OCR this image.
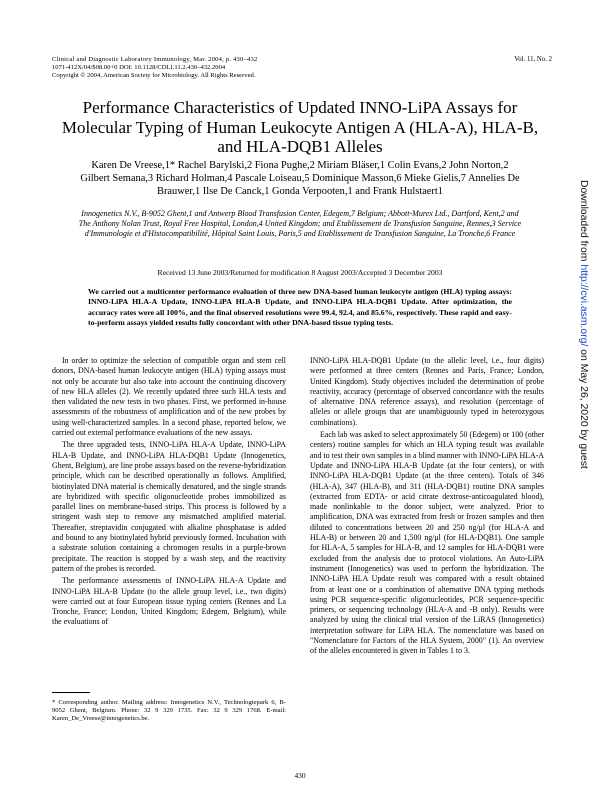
Clinical and Diagnostic Laboratory Immunology, Mar. 2004, p. 430–432
1071-412X/04/$08.00+0 DOI: 10.1128/CDLI.11.2.430–432.2004
Copyright © 2004, American Society for Microbiology. All Rights Reserved.
Vol. 11, No. 2
Performance Characteristics of Updated INNO-LiPA Assays for Molecular Typing of Human Leukocyte Antigen A (HLA-A), HLA-B, and HLA-DQB1 Alleles
Karen De Vreese,1* Rachel Barylski,2 Fiona Pughe,2 Miriam Bläser,1 Colin Evans,2 John Norton,2 Gilbert Semana,3 Richard Holman,4 Pascale Loiseau,5 Dominique Masson,6 Mieke Gielis,7 Annelies De Brauwer,1 Ilse De Canck,1 Gonda Verpooten,1 and Frank Hulstaert1
Innogenetics N.V., B-9052 Ghent,1 and Antwerp Blood Transfusion Center, Edegem,7 Belgium; Abbott-Murex Ltd., Dartford, Kent,2 and The Anthony Nolan Trust, Royal Free Hospital, London,4 United Kingdom; and Etablissement de Transfusion Sanguine, Rennes,3 Service d'Immunologie et d'Histocompatibilité, Hôpital Saint Louis, Paris,5 and Etablissement de Transfusion Sanguine, La Tronche,6 France
Received 13 June 2003/Returned for modification 8 August 2003/Accepted 3 December 2003
We carried out a multicenter performance evaluation of three new DNA-based human leukocyte antigen (HLA) typing assays: INNO-LiPA HLA-A Update, INNO-LiPA HLA-B Update, and INNO-LiPA HLA-DQB1 Update. After optimization, the accuracy rates were all 100%, and the final observed resolutions were 99.4, 92.4, and 85.6%, respectively. These rapid and easy-to-perform assays yielded results fully concordant with other DNA-based tissue typing tests.

In order to optimize the selection of compatible organ and stem cell donors, DNA-based human leukocyte antigen (HLA) typing assays must not only be accurate but also take into account the continuing discovery of new HLA alleles (2). We recently updated three such HLA tests and then validated the new tests in two phases. First, we performed in-house assessments of the robustness of amplification and of the new probes by using well-characterized samples. In a second phase, reported below, we carried out external performance evaluations of the new assays.

The three upgraded tests, INNO-LiPA HLA-A Update, INNO-LiPA HLA-B Update, and INNO-LiPA HLA-DQB1 Update (Innogenetics, Ghent, Belgium), are line probe assays based on the reverse-hybridization principle, which can be described operationally as follows. Amplified, biotinylated DNA material is chemically denatured, and the single strands are hybridized with specific oligonucleotide probes immobilized as parallel lines on membrane-based strips. This process is followed by a stringent wash step to remove any mismatched amplified material. Thereafter, streptavidin conjugated with alkaline phosphatase is added and bound to any biotinylated hybrid previously formed. Incubation with a substrate solution containing a chromogen results in a purple-brown precipitate. The reaction is stopped by a wash step, and the reactivity pattern of the probes is recorded.

The performance assessments of INNO-LiPA HLA-A Update and INNO-LiPA HLA-B Update (to the allele group level, i.e., two digits) were carried out at four European tissue typing centers (Rennes and La Tronche, France; London, United Kingdom; Edegem, Belgium), while the evaluations of

INNO-LiPA HLA-DQB1 Update (to the allelic level, i.e., four digits) were performed at three centers (Rennes and Paris, France; London, United Kingdom). Study objectives included the determination of probe reactivity, accuracy (percentage of observed concordance with the results of alternative DNA reference assays), and resolution (percentage of alleles or allele groups that are unambiguously typed in heterozygous combinations).

Each lab was asked to select approximately 50 (Edegem) or 100 (other centers) routine samples for which an HLA typing result was available and to test their own samples in a blind manner with INNO-LiPA HLA-A Update and INNO-LiPA HLA-B Update (at the four centers), or with INNO-LiPA HLA-DQB1 Update (at the three centers). Totals of 346 (HLA-A), 347 (HLA-B), and 311 (HLA-DQB1) routine DNA samples (extracted from EDTA- or acid citrate dextrose-anticoagulated blood), made nonlinkable to the donor subject, were analyzed. Prior to amplification, DNA was extracted from fresh or frozen samples and then diluted to concentrations between 20 and 250 ng/μl (for HLA-A and HLA-B) or between 20 and 1,500 ng/μl (for HLA-DQB1). One sample for HLA-A, 5 samples for HLA-B, and 12 samples for HLA-DQB1 were excluded from the analysis due to protocol violations. An Auto-LiPA instrument (Innogenetics) was used to perform the hybridization. The INNO-LiPA HLA Update result was compared with a result obtained from at least one or a combination of alternative DNA typing methods using PCR sequence-specific oligonucleotides, PCR sequence-specific primers, or sequencing technology (HLA-A and -B only). Results were analyzed by using the clinical trial version of the LiRAS (Innogenetics) interpretation software for LiPA HLA. The nomenclature was based on "Nomenclature for Factors of the HLA System, 2000" (1). An overview of the alleles encountered is given in Tables 1 to 3.

* Corresponding author. Mailing address: Innogenetics N.V., Technologiepark 6, B-9052 Ghent, Belgium. Phone: 32 9 329 1735. Fax: 32 9 329 1768. E-mail: Karen_De_Vreese@innogenetics.be.
430
Downloaded from http://cvi.asm.org/ on May 26, 2020 by guest
